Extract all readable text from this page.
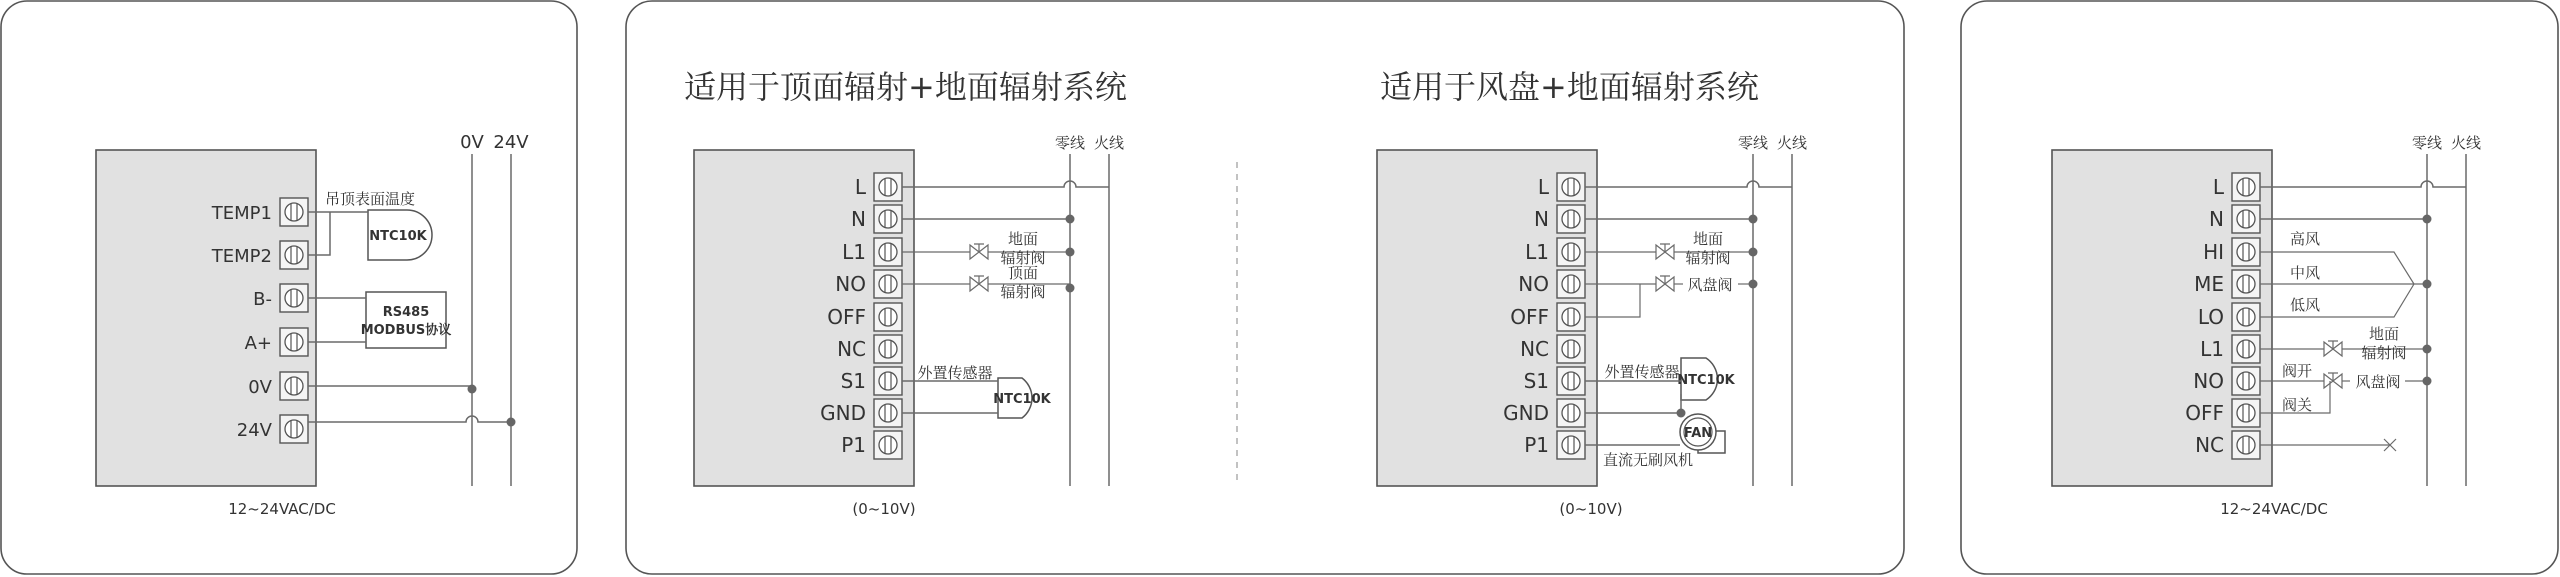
TEMP1
TEMP2
B-
A+
0V
24V
0V 24V
吊顶表面温度
NTC10K
RS485
MODBUS协议
12~24VAC/DC
适用于顶面辐射+地面辐射系统
L
N
L1
NO
OFF
NC
S1
GND
P1
零线 火线
地面
辐射阀
顶面
辐射阀
外置传感器
NTC10K
(0~10V)
适用于风盘+地面辐射系统
L
N
L1
NO
OFF
NC
S1
GND
P1
零线 火线
地面
辐射阀
风盘阀
外置传感器
NTC10K
FAN
直流无刷风机
(0~10V)
L
N
HI
ME
LO
L1
NO
OFF
NC
零线 火线
高风
中风
低风
地面
辐射阀
阀开
风盘阀
阀关
12~24VAC/DC
